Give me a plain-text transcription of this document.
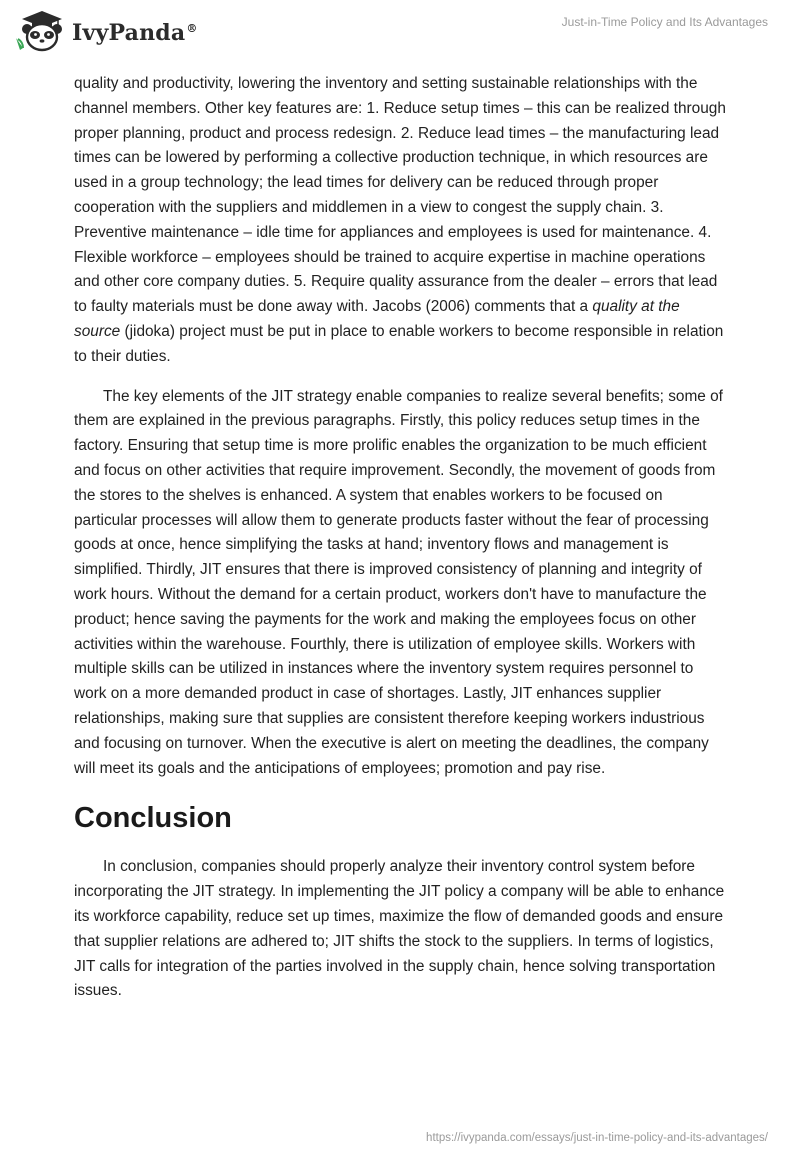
IvyPanda®	Just-in-Time Policy and Its Advantages

quality and productivity, lowering the inventory and setting sustainable relationships with the channel members. Other key features are: 1. Reduce setup times – this can be realized through proper planning, product and process redesign. 2. Reduce lead times – the manufacturing lead times can be lowered by performing a collective production technique, in which resources are used in a group technology; the lead times for delivery can be reduced through proper cooperation with the suppliers and middlemen in a view to congest the supply chain. 3. Preventive maintenance – idle time for appliances and employees is used for maintenance. 4. Flexible workforce – employees should be trained to acquire expertise in machine operations and other core company duties. 5. Require quality assurance from the dealer – errors that lead to faulty materials must be done away with. Jacobs (2006) comments that a quality at the source (jidoka) project must be put in place to enable workers to become responsible in relation to their duties.

The key elements of the JIT strategy enable companies to realize several benefits; some of them are explained in the previous paragraphs. Firstly, this policy reduces setup times in the factory. Ensuring that setup time is more prolific enables the organization to be much efficient and focus on other activities that require improvement. Secondly, the movement of goods from the stores to the shelves is enhanced. A system that enables workers to be focused on particular processes will allow them to generate products faster without the fear of processing goods at once, hence simplifying the tasks at hand; inventory flows and management is simplified. Thirdly, JIT ensures that there is improved consistency of planning and integrity of work hours. Without the demand for a certain product, workers don't have to manufacture the product; hence saving the payments for the work and making the employees focus on other activities within the warehouse. Fourthly, there is utilization of employee skills. Workers with multiple skills can be utilized in instances where the inventory system requires personnel to work on a more demanded product in case of shortages. Lastly, JIT enhances supplier relationships, making sure that supplies are consistent therefore keeping workers industrious and focusing on turnover. When the executive is alert on meeting the deadlines, the company will meet its goals and the anticipations of employees; promotion and pay rise.

Conclusion

In conclusion, companies should properly analyze their inventory control system before incorporating the JIT strategy. In implementing the JIT policy a company will be able to enhance its workforce capability, reduce set up times, maximize the flow of demanded goods and ensure that supplier relations are adhered to; JIT shifts the stock to the suppliers. In terms of logistics, JIT calls for integration of the parties involved in the supply chain, hence solving transportation issues.

https://ivypanda.com/essays/just-in-time-policy-and-its-advantages/
